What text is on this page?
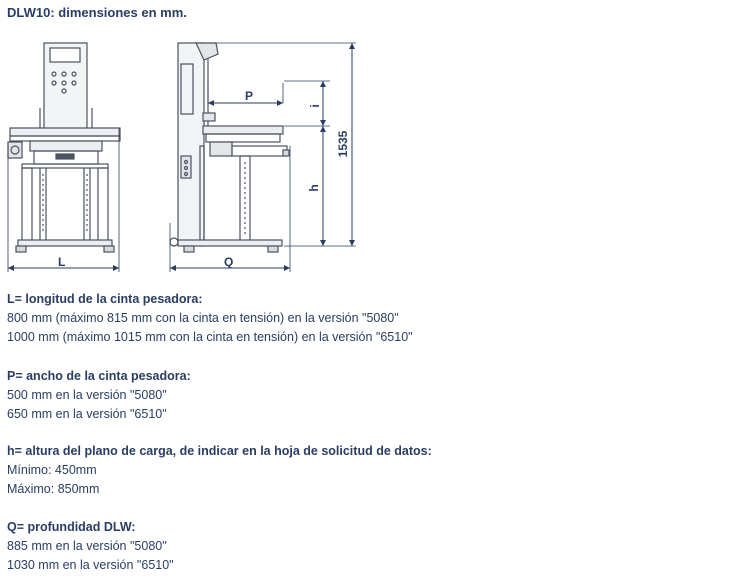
DLW10: dimensiones en mm.
L	Q
P
i
h
1535
L= longitud de la cinta pesadora:
800 mm (máximo 815 mm con la cinta en tensión) en la versión "5080"
1000 mm (máximo 1015 mm con la cinta en tensión) en la versión "6510"
P= ancho de la cinta pesadora:
500 mm en la versión "5080"
650 mm en la versión "6510"
h= altura del plano de carga, de indicar en la hoja de solicitud de datos:
Mínimo: 450mm
Máximo: 850mm
Q= profundidad DLW:
885 mm en la versión "5080"
1030 mm en la versión "6510"
